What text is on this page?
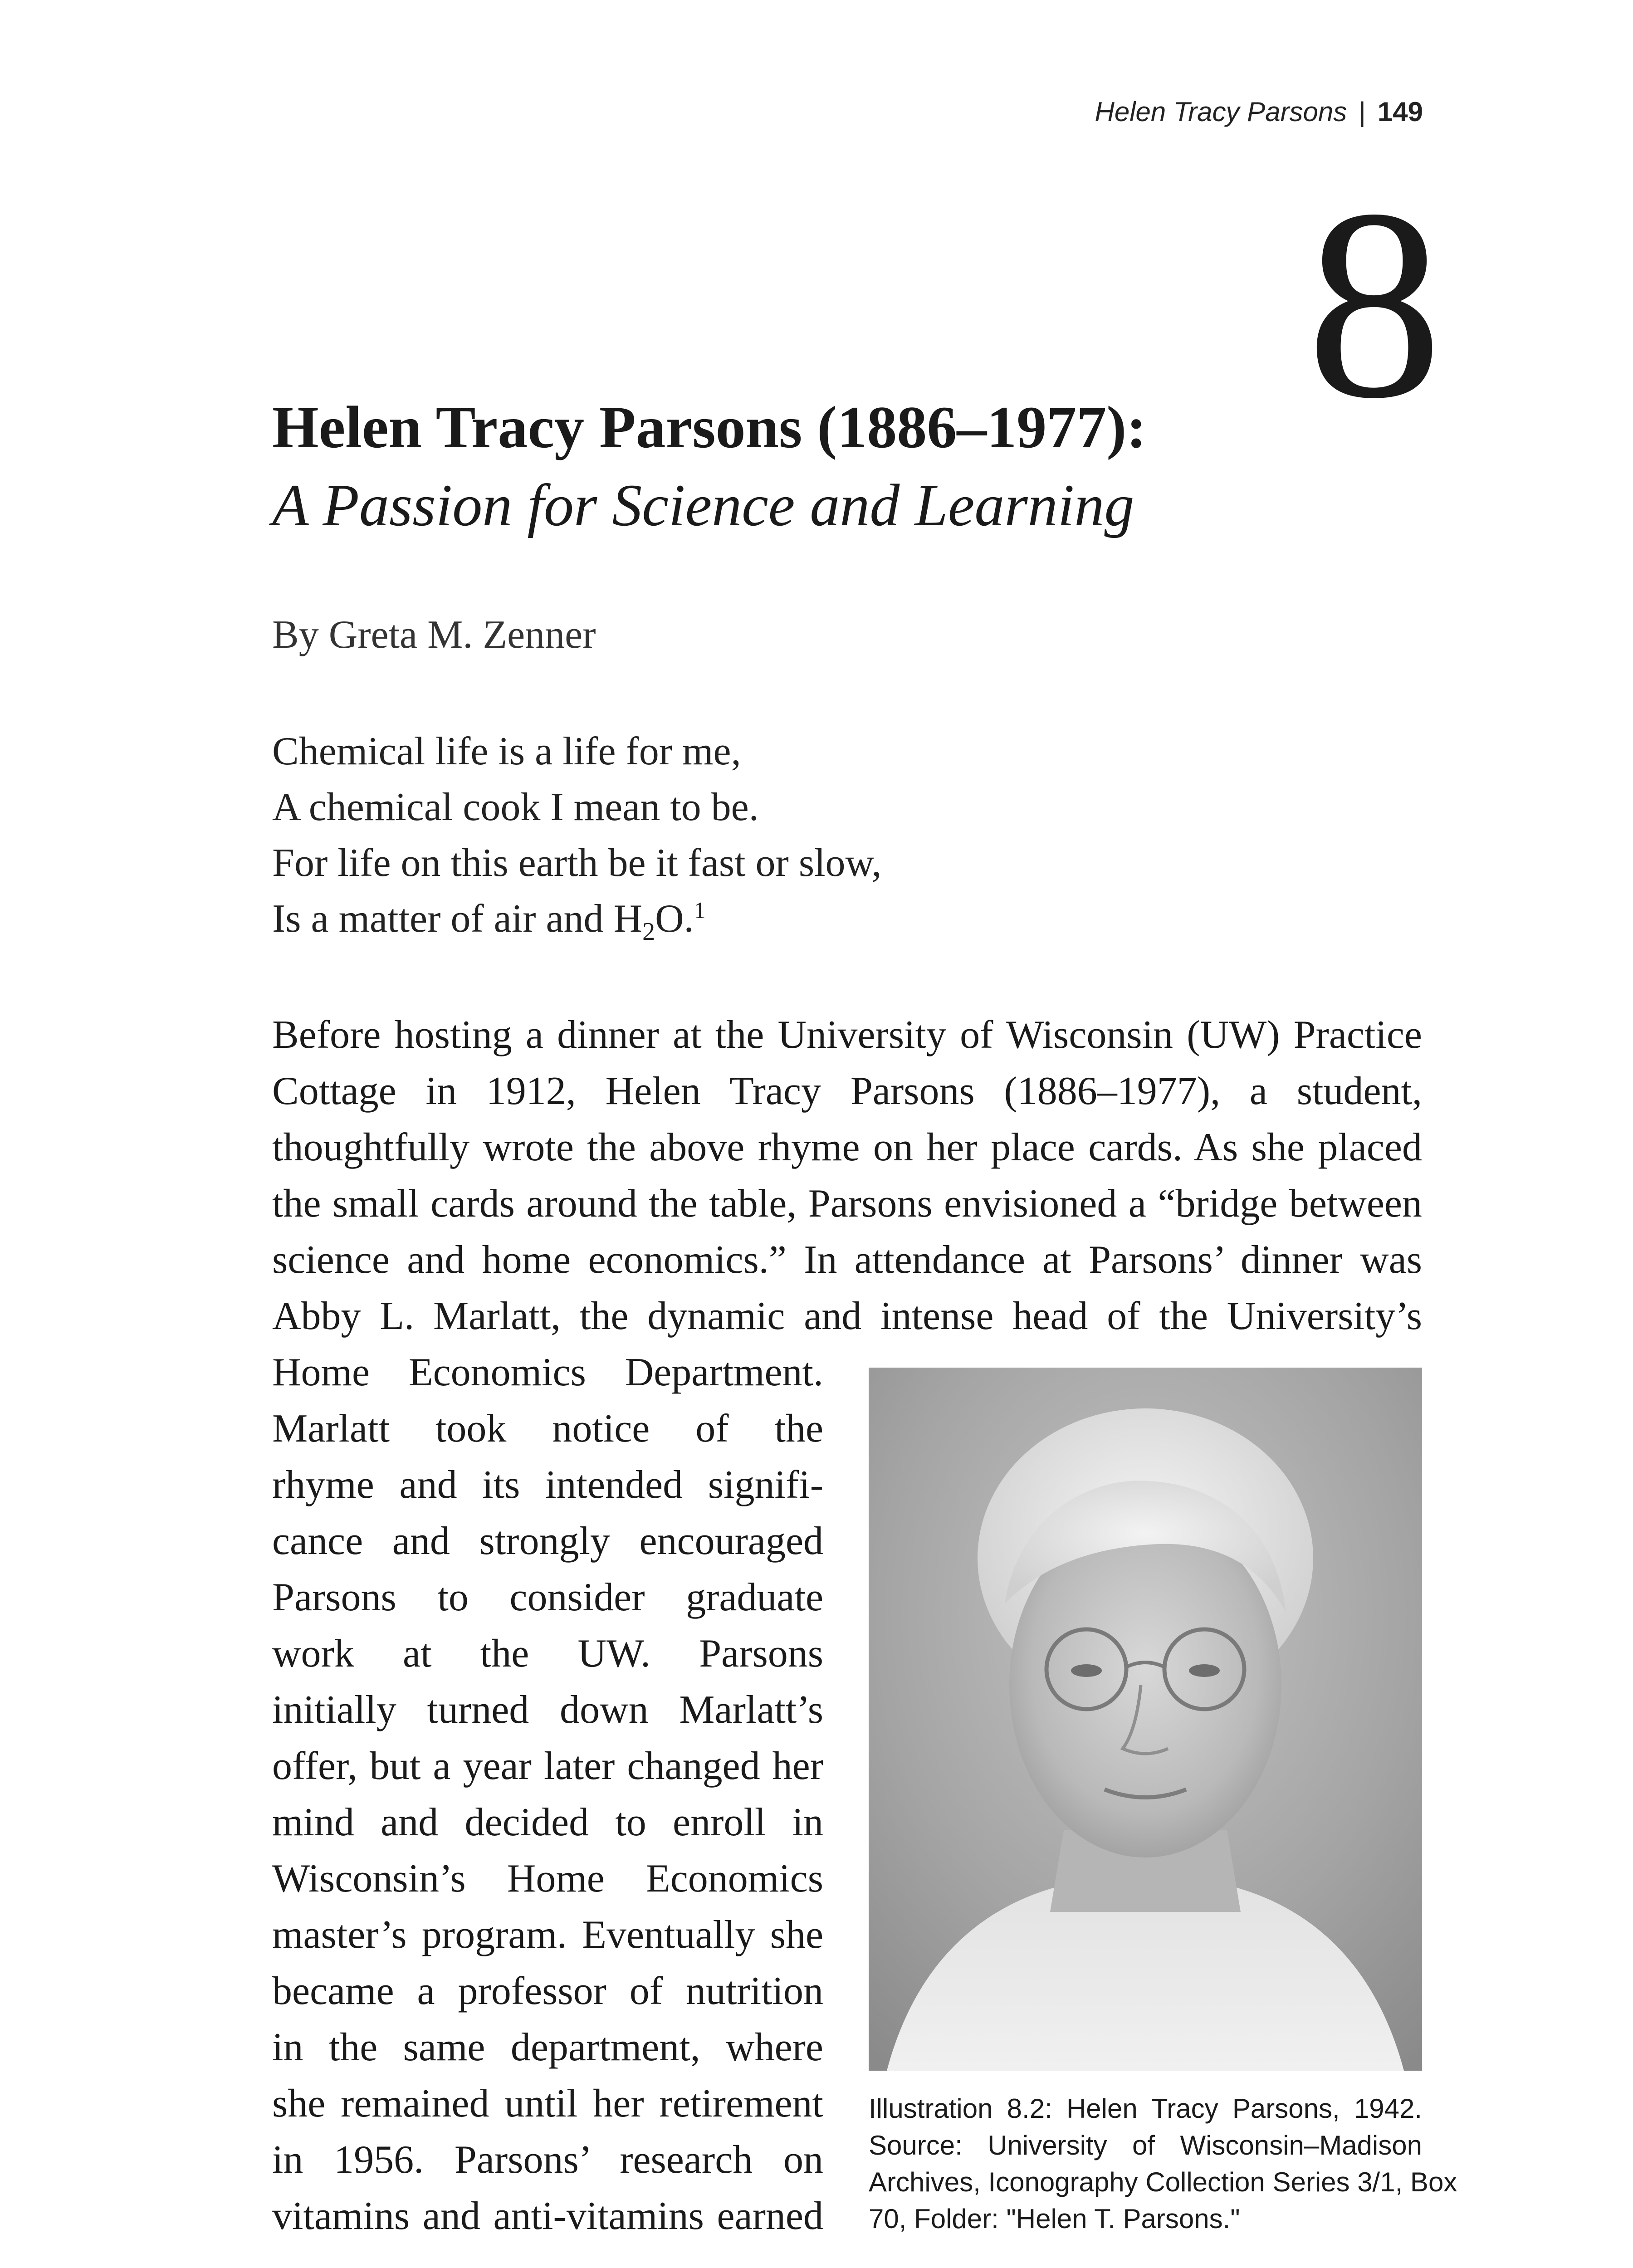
Helen Tracy Parsons | 149
8
Helen Tracy Parsons (1886–1977):
A Passion for Science and Learning
By Greta M. Zenner
Chemical life is a life for me,
A chemical cook I mean to be.
For life on this earth be it fast or slow,
Is a matter of air and $H_2O.^1$
Before hosting a dinner at the University of Wisconsin (UW) Practice
Cottage in 1912, Helen Tracy Parsons (1886–1977), a student,
thoughtfully wrote the above rhyme on her place cards. As she placed
the small cards around the table, Parsons envisioned a “bridge between
science and home economics.” In attendance at Parsons’ dinner was
Abby L. Marlatt, the dynamic and intense head of the University’s
Home Economics Department.
Marlatt took notice of the
rhyme and its intended signifi-
cance and strongly encouraged
Parsons to consider graduate
work at the UW. Parsons
initially turned down Marlatt’s
offer, but a year later changed her
mind and decided to enroll in
Wisconsin’s Home Economics
master’s program. Eventually she
became a professor of nutrition
in the same department, where
she remained until her retirement
in 1956. Parsons’ research on
vitamins and anti-vitamins earned
Illustration 8.2: Helen Tracy Parsons, 1942.
Source: University of Wisconsin–Madison
Archives, Iconography Collection Series 3/1, Box
70, Folder: "Helen T. Parsons."
